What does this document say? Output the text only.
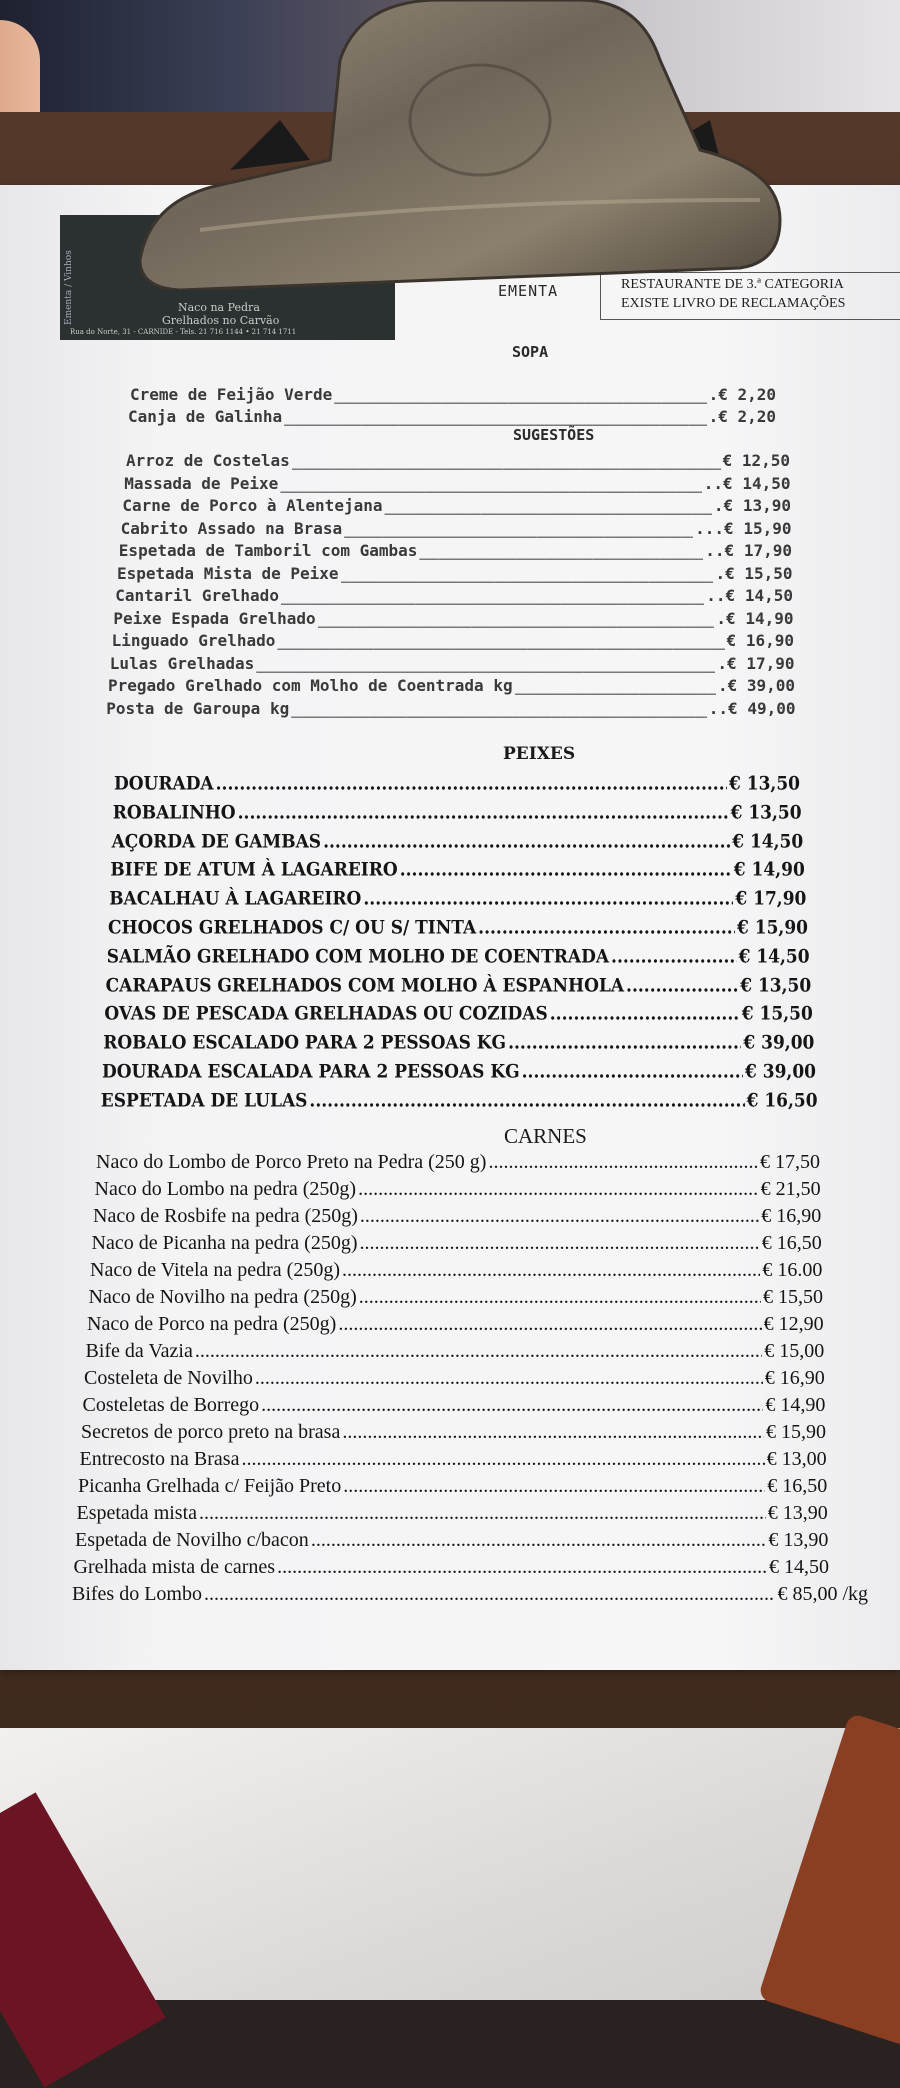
Ementa / Vinhos	Naco na Pedra
Grelhados no Carvão
Rua do Norte, 31 - CARNIDE - Tels. 21 716 1144 • 21 714 1711
EMENTA	RESTAURANTE DE 3.ª CATEGORIA
EXISTE LIVRO DE RECLAMAÇÕES
SOPA
Creme de Feijão Verde _____	.€ 2,20
Canja de Galinha _____	.€ 2,20
SUGESTÕES
Arroz de Costelas _____	€ 12,50
Massada de Peixe _____	..€ 14,50
Carne de Porco à Alentejana _____	.€ 13,90
Cabrito Assado na Brasa _____	...€ 15,90
Espetada de Tamboril com Gambas _____	..€ 17,90
Espetada Mista de Peixe _____	.€ 15,50
Cantaril Grelhado _____	..€ 14,50
Peixe Espada Grelhado _____	.€ 14,90
Linguado Grelhado _____	€ 16,90
Lulas Grelhadas _____	.€ 17,90
Pregado Grelhado com Molho de Coentrada kg _____	.€ 39,00
Posta de Garoupa kg _____	..€ 49,00
PEIXES
DOURADA .....	€ 13,50
ROBALINHO .....	€ 13,50
AÇORDA DE GAMBAS .....	€ 14,50
BIFE DE ATUM À LAGAREIRO .....	€ 14,90
BACALHAU À LAGAREIRO .....	€ 17,90
CHOCOS GRELHADOS C/ OU S/ TINTA .....	€ 15,90
SALMÃO GRELHADO COM MOLHO DE COENTRADA .....	€ 14,50
CARAPAUS GRELHADOS COM MOLHO À ESPANHOLA .....	€ 13,50
OVAS DE PESCADA GRELHADAS OU COZIDAS .....	€ 15,50
ROBALO ESCALADO PARA 2 PESSOAS KG .....	€ 39,00
DOURADA ESCALADA PARA 2 PESSOAS KG .....	€ 39,00
ESPETADA DE LULAS .....	€ 16,50
CARNES
Naco do Lombo de Porco Preto na Pedra (250 g) .....	€ 17,50
Naco do Lombo na pedra (250g) .....	€ 21,50
Naco de Rosbife na pedra (250g) .....	€ 16,90
Naco de Picanha na pedra (250g) .....	€ 16,50
Naco de Vitela na pedra (250g) .....	€ 16.00
Naco de Novilho na pedra (250g) .....	€ 15,50
Naco de Porco na pedra (250g) .....	€ 12,90
Bife da Vazia .....	€ 15,00
Costeleta de Novilho .....	€ 16,90
Costeletas de Borrego .....	€ 14,90
Secretos de porco preto na brasa .....	€ 15,90
Entrecosto na Brasa .....	€ 13,00
Picanha Grelhada c/ Feijão Preto .....	€ 16,50
Espetada mista .....	€ 13,90
Espetada de Novilho c/bacon .....	€ 13,90
Grelhada mista de carnes .....	€ 14,50
Bifes do Lombo .....	€ 85,00 /kg
